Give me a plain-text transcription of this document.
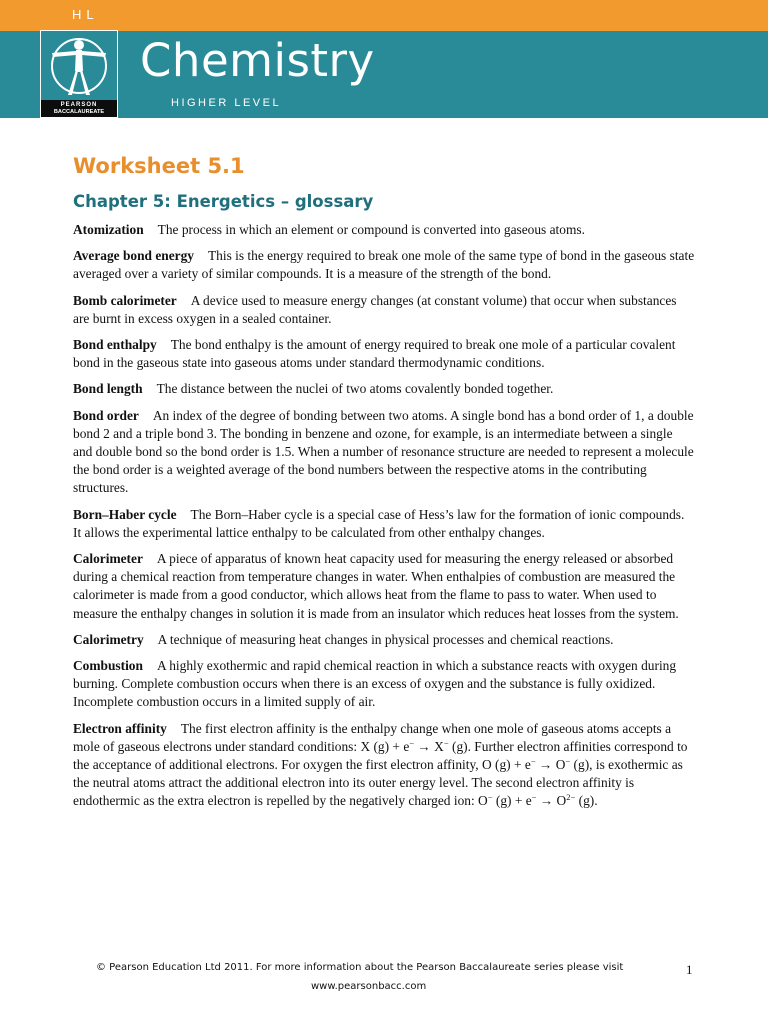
HL
PEARSON
BACCALAUREATE
Chemistry
HIGHER LEVEL
Worksheet 5.1
Chapter 5: Energetics – glossary

Atomization The process in which an element or compound is converted into gaseous atoms.

Average bond energy This is the energy required to break one mole of the same type of bond in the gaseous state averaged over a variety of similar compounds. It is a measure of the strength of the bond.

Bomb calorimeter A device used to measure energy changes (at constant volume) that occur when substances are burnt in excess oxygen in a sealed container.

Bond enthalpy The bond enthalpy is the amount of energy required to break one mole of a particular covalent bond in the gaseous state into gaseous atoms under standard thermodynamic conditions.

Bond length The distance between the nuclei of two atoms covalently bonded together.

Bond order An index of the degree of bonding between two atoms. A single bond has a bond order of 1, a double bond 2 and a triple bond 3. The bonding in benzene and ozone, for example, is an intermediate between a single and double bond so the bond order is 1.5. When a number of resonance structure are needed to represent a molecule the bond order is a weighted average of the bond numbers between the respective atoms in the contributing structures.

Born–Haber cycle The Born–Haber cycle is a special case of Hess’s law for the formation of ionic compounds. It allows the experimental lattice enthalpy to be calculated from other enthalpy changes.

Calorimeter A piece of apparatus of known heat capacity used for measuring the energy released or absorbed during a chemical reaction from temperature changes in water. When enthalpies of combustion are measured the calorimeter is made from a good conductor, which allows heat from the flame to pass to water. When used to measure the enthalpy changes in solution it is made from an insulator which reduces heat losses from the system.

Calorimetry A technique of measuring heat changes in physical processes and chemical reactions.

Combustion A highly exothermic and rapid chemical reaction in which a substance reacts with oxygen during burning. Complete combustion occurs when there is an excess of oxygen and the substance is fully oxidized. Incomplete combustion occurs in a limited supply of air.

Electron affinity The first electron affinity is the enthalpy change when one mole of gaseous atoms accepts a mole of gaseous electrons under standard conditions: X (g) + e− → X− (g). Further electron affinities correspond to the acceptance of additional electrons. For oxygen the first electron affinity, O (g) + e− → O− (g), is exothermic as the neutral atoms attract the additional electron into its outer energy level. The second electron affinity is endothermic as the extra electron is repelled by the negatively charged ion: O− $(g) + e^- \to O^{2-}$ (g).

© Pearson Education Ltd 2011. For more information about the Pearson Baccalaureate series please visit
www.pearsonbacc.com
1
